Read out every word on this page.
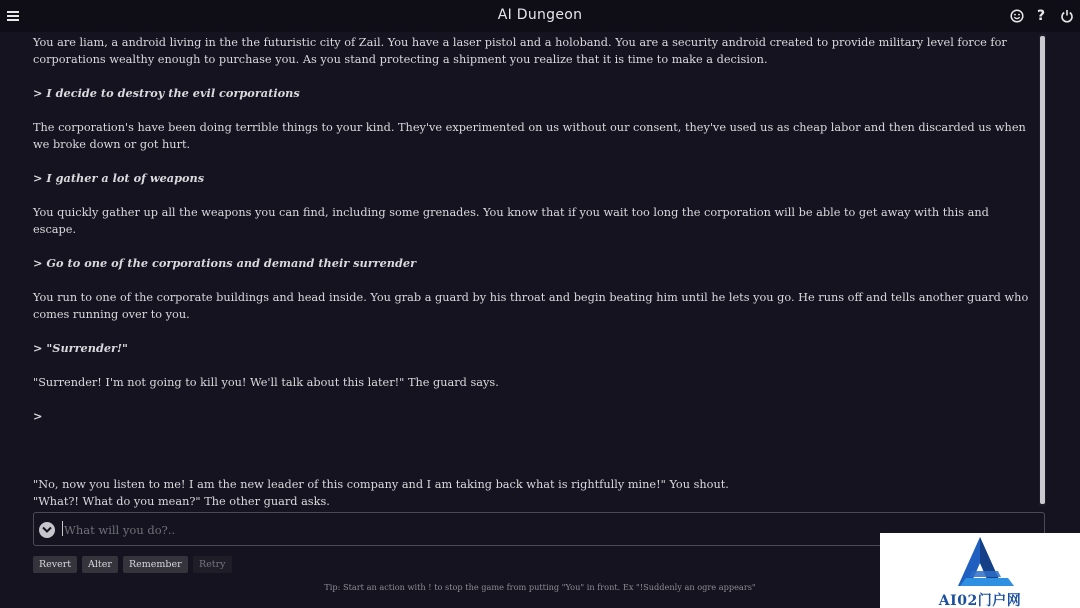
AI Dungeon	?

You are liam, a android living in the the futuristic city of Zail. You have a laser pistol and a holoband. You are a security android created to provide military level force for corporations wealthy enough to purchase you. As you stand protecting a shipment you realize that it is time to make a decision.

> I decide to destroy the evil corporations

The corporation's have been doing terrible things to your kind. They've experimented on us without our consent, they've used us as cheap labor and then discarded us when we broke down or got hurt.

> I gather a lot of weapons

You quickly gather up all the weapons you can find, including some grenades. You know that if you wait too long the corporation will be able to get away with this and escape.

> Go to one of the corporations and demand their surrender

You run to one of the corporate buildings and head inside. You grab a guard by his throat and begin beating him until he lets you go. He runs off and tells another guard who comes running over to you.

> "Surrender!"

"Surrender! I'm not going to kill you! We'll talk about this later!" The guard says.

>

"No, now you listen to me! I am the new leader of this company and I am taking back what is rightfully mine!" You shout.

"What?! What do you mean?" The other guard asks.

What will you do?..
Revert	Alter	Remember	Retry
Tip: Start an action with ! to stop the game from putting "You" in front. Ex "!Suddenly an ogre appears"
AI02门户网
